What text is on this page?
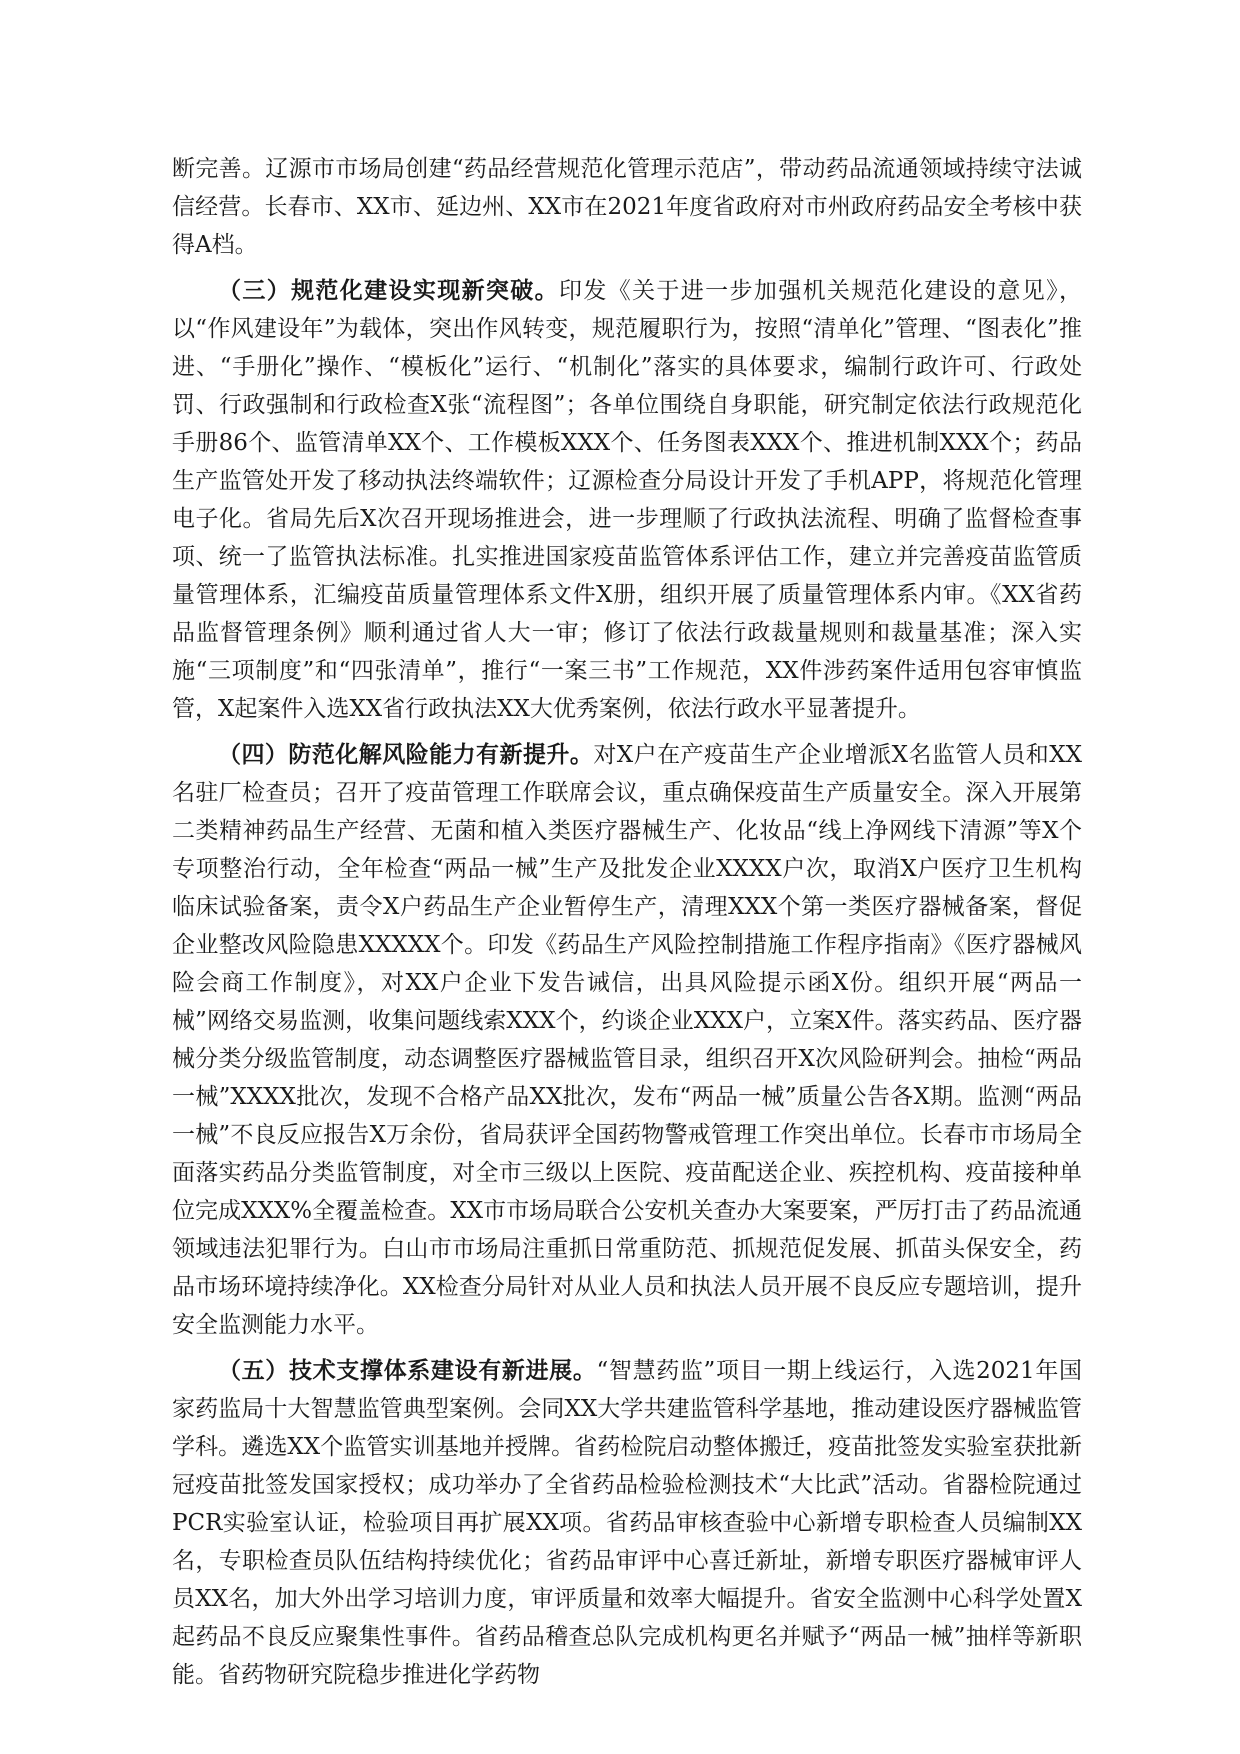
断完善。辽源市市场局创建“药品经营规范化管理示范店”，带动药品流通领域持续守法诚信经营。长春市、XX市、延边州、XX市在2021年度省政府对市州政府药品安全考核中获得A档。

（三）规范化建设实现新突破。印发《关于进一步加强机关规范化建设的意见》，以“作风建设年”为载体，突出作风转变，规范履职行为，按照“清单化”管理、“图表化”推进、“手册化”操作、“模板化”运行、“机制化”落实的具体要求，编制行政许可、行政处罚、行政强制和行政检查X张“流程图”；各单位围绕自身职能，研究制定依法行政规范化手册86个、监管清单XX个、工作模板XXX个、任务图表XXX个、推进机制XXX个；药品生产监管处开发了移动执法终端软件；辽源检查分局设计开发了手机APP，将规范化管理电子化。省局先后X次召开现场推进会，进一步理顺了行政执法流程、明确了监督检查事项、统一了监管执法标准。扎实推进国家疫苗监管体系评估工作，建立并完善疫苗监管质量管理体系，汇编疫苗质量管理体系文件X册，组织开展了质量管理体系内审。《XX省药品监督管理条例》顺利通过省人大一审；修订了依法行政裁量规则和裁量基准；深入实施“三项制度”和“四张清单”，推行“一案三书”工作规范，XX件涉药案件适用包容审慎监管，X起案件入选XX省行政执法XX大优秀案例，依法行政水平显著提升。

（四）防范化解风险能力有新提升。对X户在产疫苗生产企业增派X名监管人员和XX名驻厂检查员；召开了疫苗管理工作联席会议，重点确保疫苗生产质量安全。深入开展第二类精神药品生产经营、无菌和植入类医疗器械生产、化妆品“线上净网线下清源”等X个专项整治行动，全年检查“两品一械”生产及批发企业XXXX户次，取消X户医疗卫生机构临床试验备案，责令X户药品生产企业暂停生产，清理XXX个第一类医疗器械备案，督促企业整改风险隐患XXXXX个。印发《药品生产风险控制措施工作程序指南》《医疗器械风险会商工作制度》，对XX户企业下发告诫信，出具风险提示函X份。组织开展“两品一械”网络交易监测，收集问题线索XXX个，约谈企业XXX户，立案X件。落实药品、医疗器械分类分级监管制度，动态调整医疗器械监管目录，组织召开X次风险研判会。抽检“两品一械”XXXX批次，发现不合格产品XX批次，发布“两品一械”质量公告各X期。监测“两品一械”不良反应报告X万余份，省局获评全国药物警戒管理工作突出单位。长春市市场局全面落实药品分类监管制度，对全市三级以上医院、疫苗配送企业、疾控机构、疫苗接种单位完成XXX%全覆盖检查。XX市市场局联合公安机关查办大案要案，严厉打击了药品流通领域违法犯罪行为。白山市市场局注重抓日常重防范、抓规范促发展、抓苗头保安全，药品市场环境持续净化。XX检查分局针对从业人员和执法人员开展不良反应专题培训，提升安全监测能力水平。

（五）技术支撑体系建设有新进展。“智慧药监”项目一期上线运行，入选2021年国家药监局十大智慧监管典型案例。会同XX大学共建监管科学基地，推动建设医疗器械监管学科。遴选XX个监管实训基地并授牌。省药检院启动整体搬迁，疫苗批签发实验室获批新冠疫苗批签发国家授权；成功举办了全省药品检验检测技术“大比武”活动。省器检院通过PCR实验室认证，检验项目再扩展XX项。省药品审核查验中心新增专职检查人员编制XX名，专职检查员队伍结构持续优化；省药品审评中心喜迁新址，新增专职医疗器械审评人员XX名，加大外出学习培训力度，审评质量和效率大幅提升。省安全监测中心科学处置X起药品不良反应聚集性事件。省药品稽查总队完成机构更名并赋予“两品一械”抽样等新职能。省药物研究院稳步推进化学药物
